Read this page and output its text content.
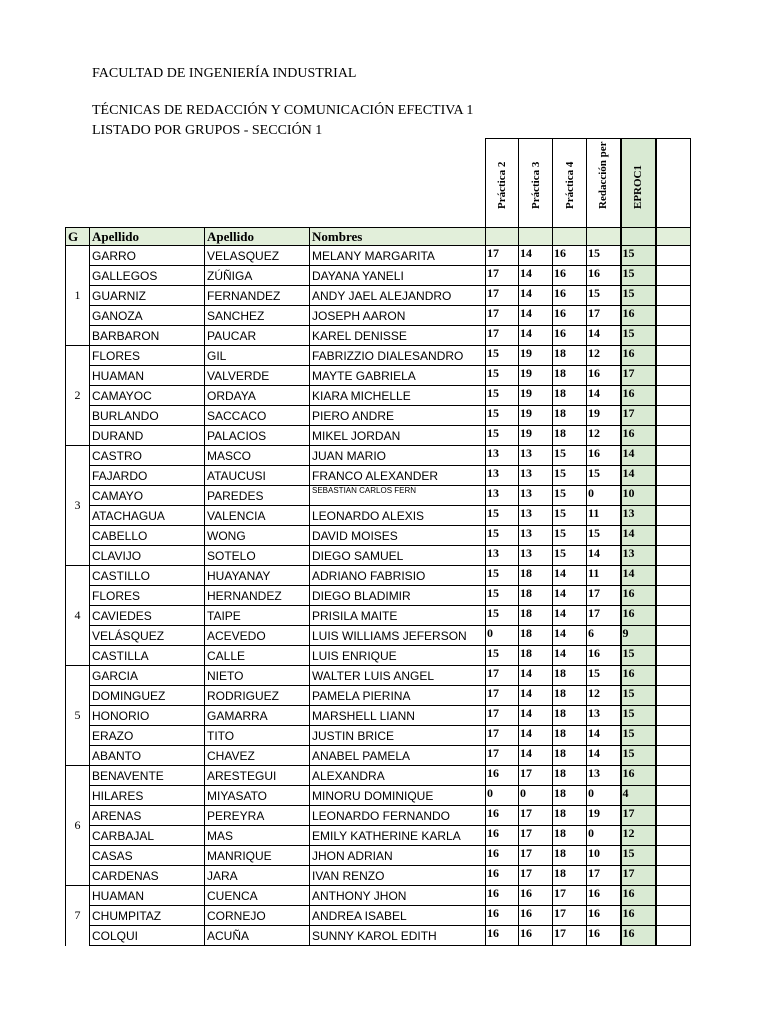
FACULTAD DE INGENIERÍA INDUSTRIAL
TÉCNICAS DE REDACCIÓN Y COMUNICACIÓN EFECTIVA 1
LISTADO POR GRUPOS - SECCIÓN 1

				Práctica 2	Práctica 3	Práctica 4	Redacción per	EPROC1	

G	Apellido	Apellido	Nombres						
1	GARRO	VELASQUEZ	MELANY MARGARITA	17	14	16	15	15	
	GALLEGOS	ZÚÑIGA	DAYANA YANELI	17	14	16	16	15	
	GUARNIZ	FERNANDEZ	ANDY JAEL ALEJANDRO	17	14	16	15	15	
	GANOZA	SANCHEZ	JOSEPH AARON	17	14	16	17	16	
	BARBARON	PAUCAR	KAREL DENISSE	17	14	16	14	15	
2	FLORES	GIL	FABRIZZIO DIALESANDRO	15	19	18	12	16	
	HUAMAN	VALVERDE	MAYTE GABRIELA	15	19	18	16	17	
	CAMAYOC	ORDAYA	KIARA MICHELLE	15	19	18	14	16	
	BURLANDO	SACCACO	PIERO ANDRE	15	19	18	19	17	
	DURAND	PALACIOS	MIKEL JORDAN	15	19	18	12	16	
3	CASTRO	MASCO	JUAN MARIO	13	13	15	16	14	
	FAJARDO	ATAUCUSI	FRANCO ALEXANDER	13	13	15	15	14	
	CAMAYO	PAREDES	SEBASTIAN CARLOS FERN	13	13	15	0	10	
	ATACHAGUA	VALENCIA	LEONARDO ALEXIS	15	13	15	11	13	
	CABELLO	WONG	DAVID MOISES	15	13	15	15	14	
	CLAVIJO	SOTELO	DIEGO SAMUEL	13	13	15	14	13	
4	CASTILLO	HUAYANAY	ADRIANO FABRISIO	15	18	14	11	14	
	FLORES	HERNANDEZ	DIEGO BLADIMIR	15	18	14	17	16	
	CAVIEDES	TAIPE	PRISILA MAITE	15	18	14	17	16	
	VELÁSQUEZ	ACEVEDO	LUIS WILLIAMS JEFERSON	0	18	14	6	9	
	CASTILLA	CALLE	LUIS ENRIQUE	15	18	14	16	15	
5	GARCIA	NIETO	WALTER LUIS ANGEL	17	14	18	15	16	
	DOMINGUEZ	RODRIGUEZ	PAMELA PIERINA	17	14	18	12	15	
	HONORIO	GAMARRA	MARSHELL LIANN	17	14	18	13	15	
	ERAZO	TITO	JUSTIN BRICE	17	14	18	14	15	
	ABANTO	CHAVEZ	ANABEL PAMELA	17	14	18	14	15	
6	BENAVENTE	ARESTEGUI	ALEXANDRA	16	17	18	13	16	
	HILARES	MIYASATO	MINORU DOMINIQUE	0	0	18	0	4	
	ARENAS	PEREYRA	LEONARDO FERNANDO	16	17	18	19	17	
	CARBAJAL	MAS	EMILY KATHERINE KARLA	16	17	18	0	12	
	CASAS	MANRIQUE	JHON ADRIAN	16	17	18	10	15	
	CARDENAS	JARA	IVAN RENZO	16	17	18	17	17	
7	HUAMAN	CUENCA	ANTHONY JHON	16	16	17	16	16	
	CHUMPITAZ	CORNEJO	ANDREA ISABEL	16	16	17	16	16	
	COLQUI	ACUÑA	SUNNY KAROL EDITH	16	16	17	16	16	
